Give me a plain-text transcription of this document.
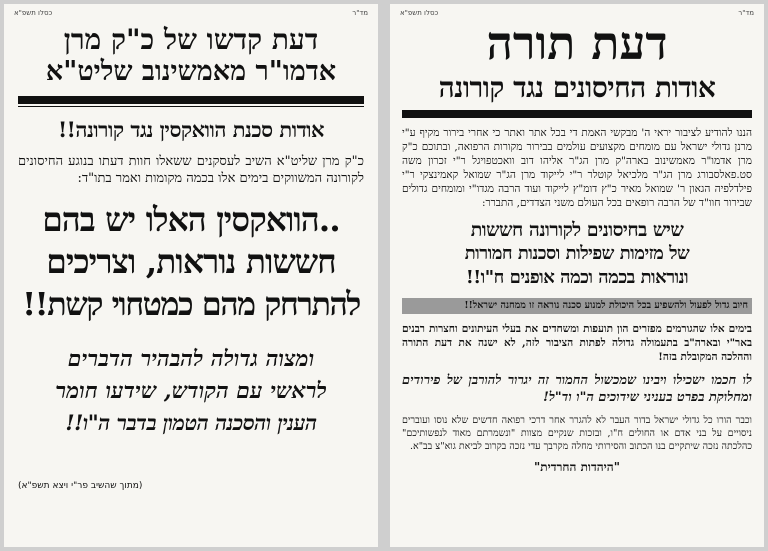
מד"ר
כסלו תשפ"א
דעת קדשו של כ"ק מרן
אדמו"ר מאמשינוב שליט"א
אודות סכנת הוואקסין נגד קורונה!!

כ"ק מרן שליט"א השיב לעסקנים ששאלו חוות דעתו בנוגע החיסונים לקורונה המשווקים בימים אלו בכמה מקומות ואמר בתו"ד:

..הוואקסין האלו יש בהם
חששות נוראות, וצריכים
להתרחק מהם כמטחוי קשת!!
ומצוה גדולה להבהיר הדברים
לראשי עם הקודש, שידעו חומר
הענין והסכנה הטמון בדבר ה"ו!!
(מתוך שהשיב פר"י ויצא תשפ"א)
מד"ר
כסלו תשפ"א
דעת תורה
אודות החיסונים נגד קורונה

הננו להודיע לציבור יראי ה' מבקשי האמת די בכל אתר ואתר כי אחרי בירור מקיף ע"י מרנן גדולי ישראל עם מומחים מקצועים עולמים בבירור מקורות הרפואה, ובתוכם כ"ק מרן אדמו"ר מאמשינוב בארה"ק מרן הג"ר אליהו דוב וואכטפויגל ר"י זכרון משה סט.פאלסבורג מרן הג"ר מלכיאל קוטלר ר"י לייקוד מרן הג"ר שמואל קאמינצקי ר"י פילדלפיה הגאון ר' שמואל מאיר כ"ץ דומ"ץ לייקוד ועוד הרבה מגדו"י ומומחים גדולים שבירור חוו"ד של הרבה רופאים בכל העולם משני הצדדים, התברר:

שיש בחיסונים לקורונה חששות
של מזימות שפילות וסכנות חמורות
ונוראות בכמה וכמה אופנים ח"ו!!
חיוב גדול לפעול ולהשפיע בכל היכולת למנוע סכנה נוראה זו ממחנה ישראל!!

בימים אלו שהגורמים מפזרים הון תועפות ומשחדים את בעלי העיתונים וחצרות רבנים באר"י ובארה"ב בתעמולה גדולה לפתות הציבור לזה, לא ישנה את דעת התורה וההלכה המקובלת בזה!

לו חכמו ישכילו ויבינו שמכשול החמור זה יגרור להורבן של פירודים ומחלוקת בפרט בעניני שידוכים ה"ו וד"ל!

וכבר הורו כל גדולי ישראל בדור העבר לא להגרר אחר דרכי רפואה חדשים שלא נוסו ועוברים ניסויים על בני אדם או החולים ח"ו, ובזכות שנקיים מצוות "ונשמרתם מאוד לנפשותיכם" כהלכתה נזכה שיתקיים בנו הכתוב והסירותי מחלה מקרבך עדי נזכה בקרוב לביאת גוא"צ בב"א.

"היהדות החרדית"
